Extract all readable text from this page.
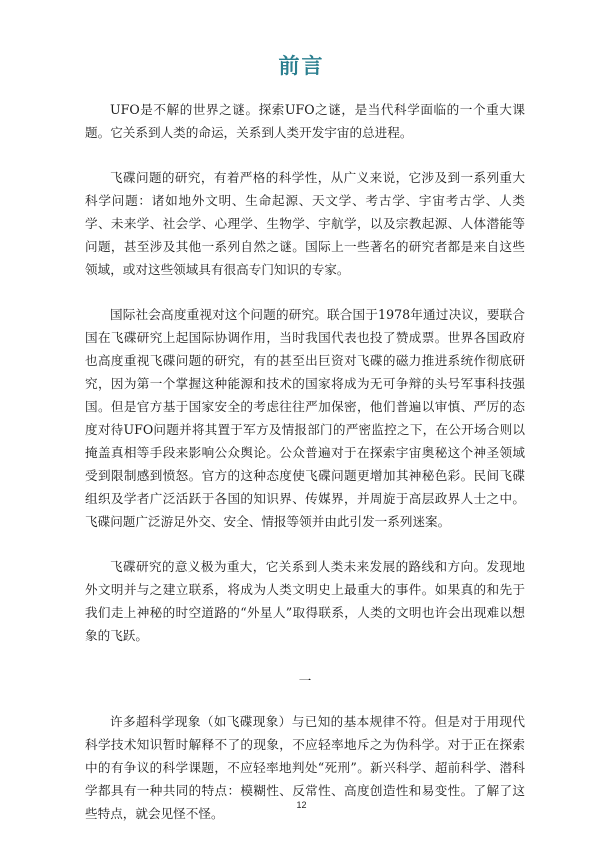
前言

UFO是不解的世界之谜。探索UFO之谜，是当代科学面临的一个重大课题。它关系到人类的命运，关系到人类开发宇宙的总进程。

飞碟问题的研究，有着严格的科学性，从广义来说，它涉及到一系列重大科学问题：诸如地外文明、生命起源、天文学、考古学、宇宙考古学、人类学、未来学、社会学、心理学、生物学、宇航学，以及宗教起源、人体潜能等问题，甚至涉及其他一系列自然之谜。国际上一些著名的研究者都是来自这些领域，或对这些领域具有很高专门知识的专家。

国际社会高度重视对这个问题的研究。联合国于1978年通过决议，要联合国在飞碟研究上起国际协调作用，当时我国代表也投了赞成票。世界各国政府也高度重视飞碟问题的研究，有的甚至出巨资对飞碟的磁力推进系统作彻底研究，因为第一个掌握这种能源和技术的国家将成为无可争辩的头号军事科技强国。但是官方基于国家安全的考虑往往严加保密，他们普遍以审慎、严厉的态度对待UFO问题并将其置于军方及情报部门的严密监控之下，在公开场合则以掩盖真相等手段来影响公众舆论。公众普遍对于在探索宇宙奥秘这个神圣领域受到限制感到愤怒。官方的这种态度使飞碟问题更增加其神秘色彩。民间飞碟组织及学者广泛活跃于各国的知识界、传媒界，并周旋于高层政界人士之中。飞碟问题广泛游足外交、安全、情报等领并由此引发一系列迷案。

飞碟研究的意义极为重大，它关系到人类未来发展的路线和方向。发现地外文明并与之建立联系，将成为人类文明史上最重大的事件。如果真的和先于我们走上神秘的时空道路的“外星人”取得联系，人类的文明也许会出现难以想象的飞跃。

一

许多超科学现象（如飞碟现象）与已知的基本规律不符。但是对于用现代科学技术知识暂时解释不了的现象，不应轻率地斥之为伪科学。对于正在探索中的有争议的科学课题，不应轻率地判处“死刑”。新兴科学、超前科学、潜科学都具有一种共同的特点：模糊性、反常性、高度创造性和易变性。了解了这些特点，就会见怪不怪。

12
